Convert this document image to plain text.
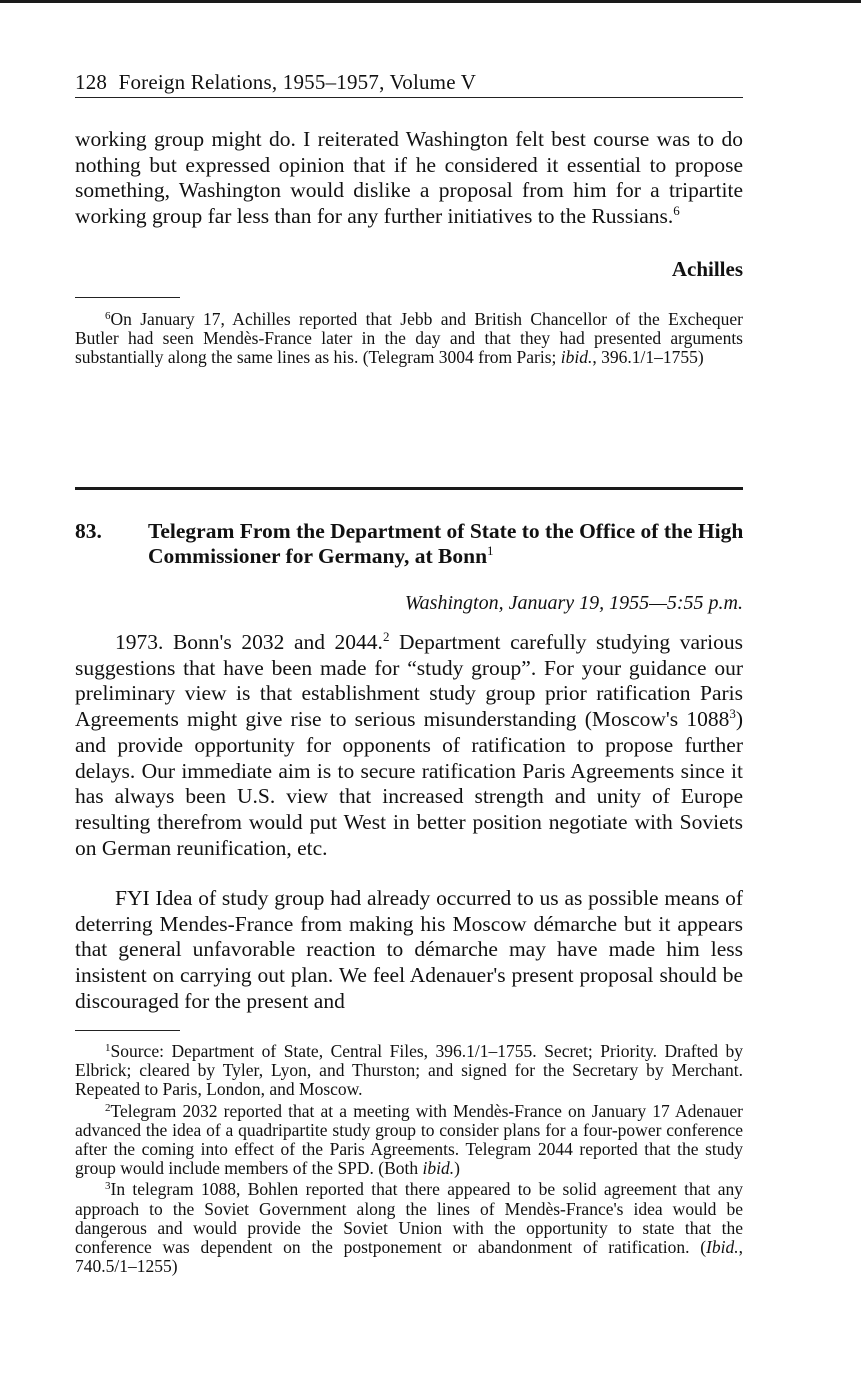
128 Foreign Relations, 1955–1957, Volume V

working group might do. I reiterated Washington felt best course was to do nothing but expressed opinion that if he considered it essential to propose something, Washington would dislike a proposal from him for a tripartite working group far less than for any further initiatives to the Russians.$^6$

Achilles

$^6$On January 17, Achilles reported that Jebb and British Chancellor of the Exchequer Butler had seen Mendès-France later in the day and that they had presented arguments substantially along the same lines as his. (Telegram 3004 from Paris; ibid., 396.1/1–1755)

83. Telegram From the Department of State to the Office of the High Commissioner for Germany, at Bonn$^1$
Washington, January 19, 1955—5:55 p.m.

1973. Bonn's 2032 and 2044.$^2$ Department carefully studying various suggestions that have been made for “study group”. For your guidance our preliminary view is that establishment study group prior ratification Paris Agreements might give rise to serious misunderstanding (Moscow's 1088$^3$) and provide opportunity for opponents of ratification to propose further delays. Our immediate aim is to secure ratification Paris Agreements since it has always been U.S. view that increased strength and unity of Europe resulting therefrom would put West in better position negotiate with Soviets on German reunification, etc.

FYI Idea of study group had already occurred to us as possible means of deterring Mendes-France from making his Moscow démarche but it appears that general unfavorable reaction to démarche may have made him less insistent on carrying out plan. We feel Adenauer's present proposal should be discouraged for the present and

$^1$Source: Department of State, Central Files, 396.1/1–1755. Secret; Priority. Drafted by Elbrick; cleared by Tyler, Lyon, and Thurston; and signed for the Secretary by Merchant. Repeated to Paris, London, and Moscow.

$^2$Telegram 2032 reported that at a meeting with Mendès-France on January 17 Adenauer advanced the idea of a quadripartite study group to consider plans for a four-power conference after the coming into effect of the Paris Agreements. Telegram 2044 reported that the study group would include members of the SPD. (Both ibid.)

$^3$In telegram 1088, Bohlen reported that there appeared to be solid agreement that any approach to the Soviet Government along the lines of Mendès-France's idea would be dangerous and would provide the Soviet Union with the opportunity to state that the conference was dependent on the postponement or abandonment of ratification. (Ibid., 740.5/1–1255)
